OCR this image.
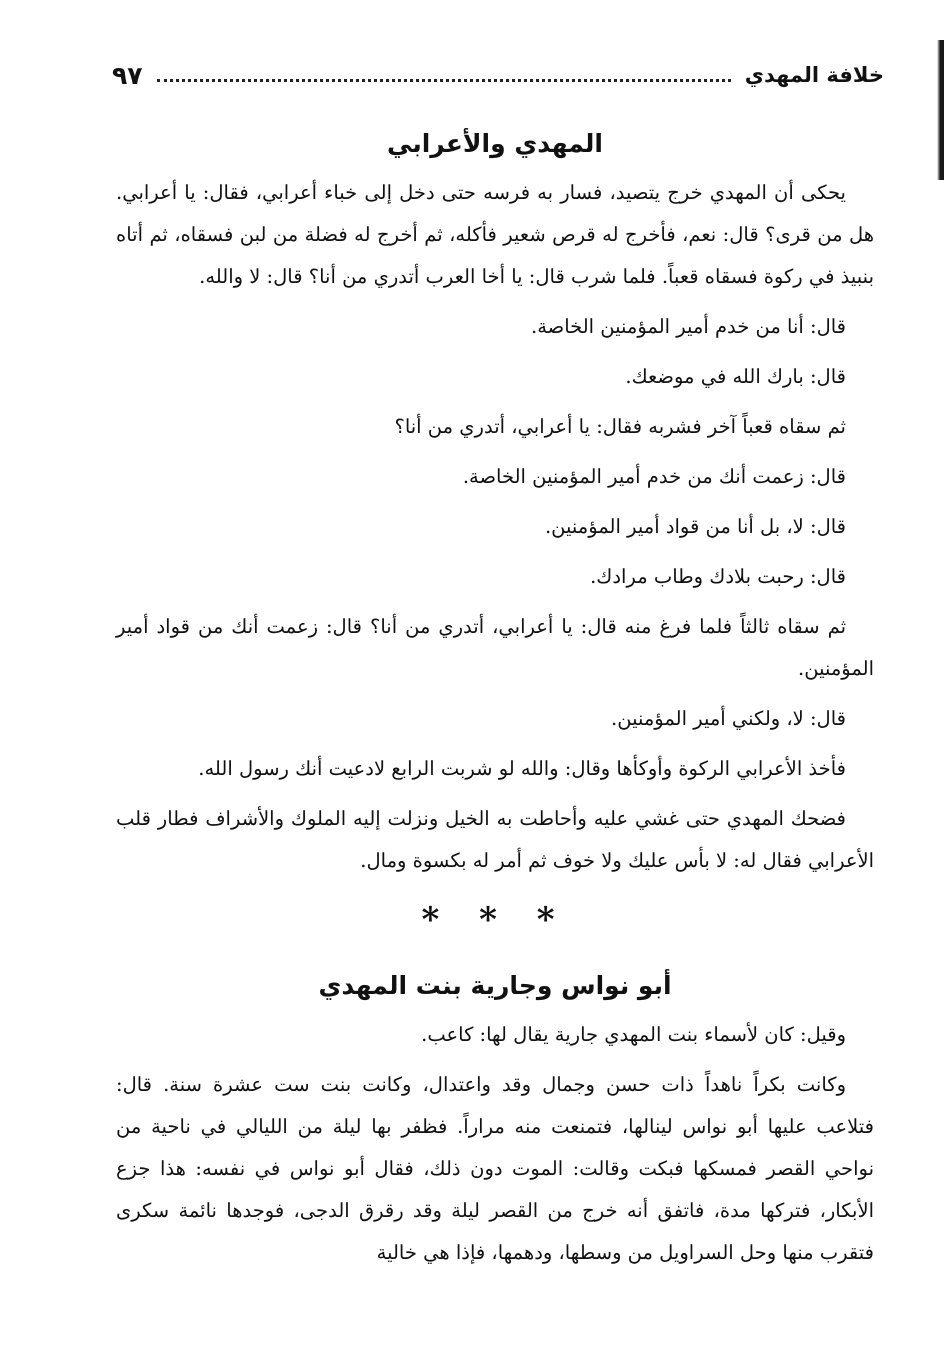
خلافة المهدي
٩٧
المهدي والأعرابي

يحكى أن المهدي خرج يتصيد، فسار به فرسه حتى دخل إلى خباء أعرابي، فقال: يا أعرابي. هل من قرى؟ قال: نعم، فأخرج له قرص شعير فأكله، ثم أخرج له فضلة من لبن فسقاه، ثم أتاه بنبيذ في ركوة فسقاه قعباً. فلما شرب قال: يا أخا العرب أتدري من أنا؟ قال: لا والله.

قال: أنا من خدم أمير المؤمنين الخاصة.

قال: بارك الله في موضعك.

ثم سقاه قعباً آخر فشربه فقال: يا أعرابي، أتدري من أنا؟

قال: زعمت أنك من خدم أمير المؤمنين الخاصة.

قال: لا، بل أنا من قواد أمير المؤمنين.

قال: رحبت بلادك وطاب مرادك.

ثم سقاه ثالثاً فلما فرغ منه قال: يا أعرابي، أتدري من أنا؟ قال: زعمت أنك من قواد أمير المؤمنين.

قال: لا، ولكني أمير المؤمنين.

فأخذ الأعرابي الركوة وأوكأها وقال: والله لو شربت الرابع لادعيت أنك رسول الله.

فضحك المهدي حتى غشي عليه وأحاطت به الخيل ونزلت إليه الملوك والأشراف فطار قلب الأعرابي فقال له: لا بأس عليك ولا خوف ثم أمر له بكسوة ومال.

* * *
أبو نواس وجارية بنت المهدي

وقيل: كان لأسماء بنت المهدي جارية يقال لها: كاعب.

وكانت بكراً ناهداً ذات حسن وجمال وقد واعتدال، وكانت بنت ست عشرة سنة. قال: فتلاعب عليها أبو نواس لينالها، فتمنعت منه مراراً. فظفر بها ليلة من الليالي في ناحية من نواحي القصر فمسكها فبكت وقالت: الموت دون ذلك، فقال أبو نواس في نفسه: هذا جزع الأبكار، فتركها مدة، فاتفق أنه خرج من القصر ليلة وقد رقرق الدجى، فوجدها نائمة سكرى فتقرب منها وحل السراويل من وسطها، ودهمها، فإذا هي خالية
